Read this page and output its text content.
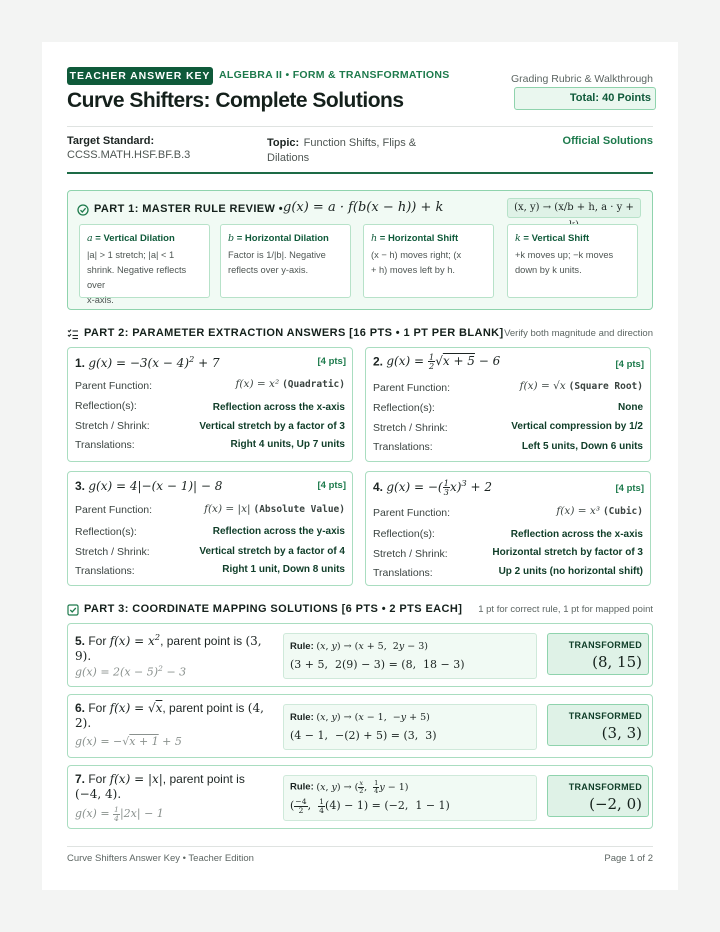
TEACHER ANSWER KEY ALGEBRA II • FORM & TRANSFORMATIONS
Curve Shifters: Complete Solutions
Grading Rubric & Walkthrough
Total: 40 Points
Target Standard:
CCSS.MATH.HSF.BF.B.3
Topic: Function Shifts, Flips & Dilations
Official Solutions
PART 1: MASTER RULE REVIEW • g(x) = a · f(b(x − h)) + k	(x, y) → (x/b + h, a · y +
a = Vertical Dilation
|a| > 1 stretch; |a| < 1
shrink. Negative reflects over
x-axis.
b = Horizontal Dilation
Factor is 1/|b|. Negative
reflects over y-axis.
h = Horizontal Shift
(x − h) moves right; (x
+ h) moves left by h.
k = Vertical Shift
+k moves up; −k moves
down by k units.
PART 2: PARAMETER EXTRACTION ANSWERS [16 PTS • 1 PT PER BLANK] Verify both magnitude and direction
1. $g(x) = -3(x - 4)^2 + 7$	[4 pts]
Parent Function:	f(x) = x² (Quadratic)
Reflection(s):	Reflection across the x-axis
Stretch / Shrink:	Vertical stretch by a factor of 3
Translations:	Right 4 units, Up 7 units
2. $g(x) = \frac{1}{2} √x + 5 - 6$	[4 pts]
Parent Function:	f(x) = √x (Square Root)
Reflection(s):	None
Stretch / Shrink:	Vertical compression by 1/2
Translations:	Left 5 units, Down 6 units
3. g(x) = 4|−(x − 1)| − 8	[4 pts]
Parent Function:	f(x) = |x| (Absolute Value)
Reflection(s):	Reflection across the y-axis
Stretch / Shrink:	Vertical stretch by a factor of 4
Translations:	Right 1 unit, Down 8 units
4. g(x) = −( $\frac{1}{3} x)^3 + 2$	[4 pts]
Parent Function:	f(x) = x³ (Cubic)
Reflection(s):	Reflection across the x-axis
Stretch / Shrink:	Horizontal stretch by factor of 3
Translations:	Up 2 units (no horizontal shift)
PART 3: COORDINATE MAPPING SOLUTIONS [6 PTS • 2 PTS EACH] 1 pt for correct rule, 1 pt for mapped point
5. For $f(x) = x^2$, parent point is (3, 9).
$g(x) = 2(x - 5)^2 - 3$
Rule: (x, y) → (x + 5,  2y − 3)
(3 + 5,  2(9) − 3) = (8,  18 − 3)
TRANSFORMED
(8, 15)
6. For f(x) = √x, parent point is (4, 2).
g(x) = −√x + 1 + 5
Rule: (x, y) → (x − 1,  −y + 5)
(4 − 1,  −(2) + 5) = (3,  3)
TRANSFORMED
(3, 3)
7. For f(x) = |x|, parent point is (−4, 4).
$g(x) = \frac{1}{4} |2x| - 1$
Rule: (x, y) → ( $\frac{x}{2}$ , $\frac{1}{4}$ y − 1)
( $\frac{-4}{2}$ , $\frac{1}{4} (4) - 1) = (-2$,  1 − 1)
TRANSFORMED
(−2, 0)
Curve Shifters Answer Key • Teacher Edition	Page 1 of 2
